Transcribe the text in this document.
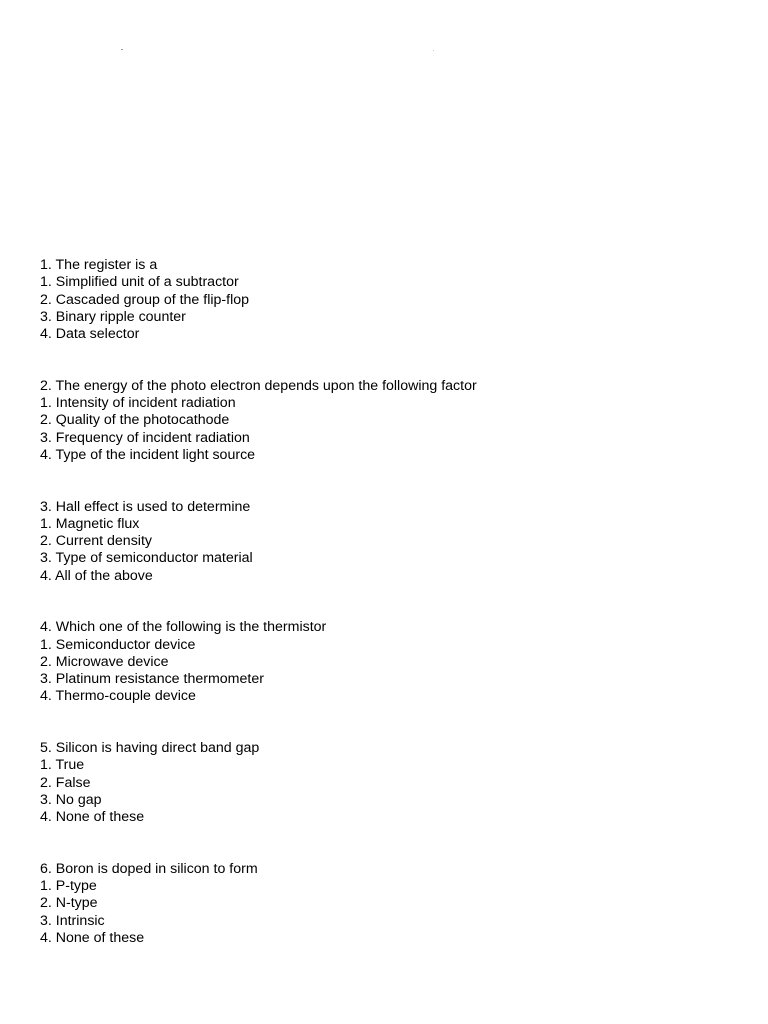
1. The register is a
1. Simplified unit of a subtractor
2. Cascaded group of the flip-flop
3. Binary ripple counter
4. Data selector
2. The energy of the photo electron depends upon the following factor
1. Intensity of incident radiation
2. Quality of the photocathode
3. Frequency of incident radiation
4. Type of the incident light source
3. Hall effect is used to determine
1. Magnetic flux
2. Current density
3. Type of semiconductor material
4. All of the above
4. Which one of the following is the thermistor
1. Semiconductor device
2. Microwave device
3. Platinum resistance thermometer
4. Thermo-couple device
5. Silicon is having direct band gap
1. True
2. False
3. No gap
4. None of these
6. Boron is doped in silicon to form
1. P-type
2. N-type
3. Intrinsic
4. None of these
